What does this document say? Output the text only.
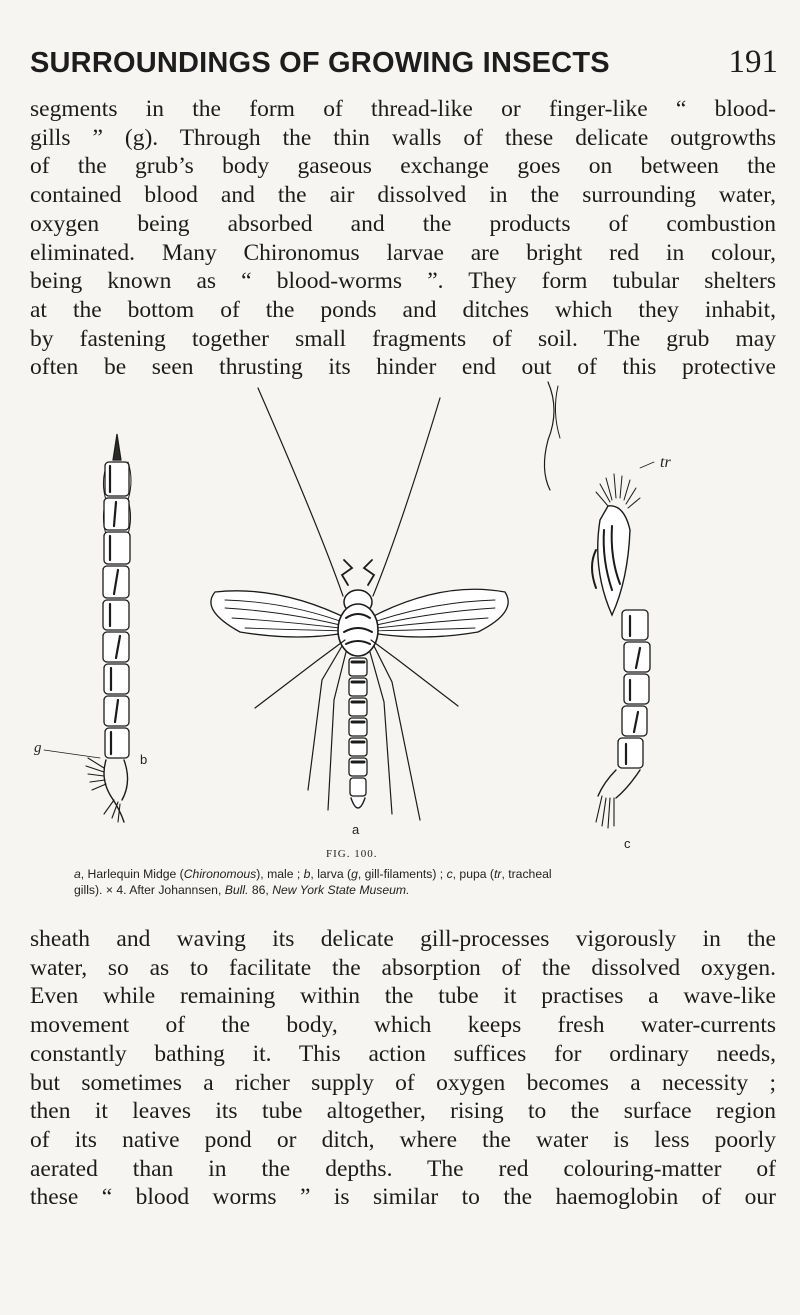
SURROUNDINGS OF GROWING INSECTS	191
segments in the form of thread-like or finger-like “ blood-
gills ” (g). Through the thin walls of these delicate outgrowths
of the grub’s body gaseous exchange goes on between the
contained blood and the air dissolved in the surrounding water,
oxygen being absorbed and the products of combustion
eliminated. Many Chironomus larvae are bright red in colour,
being known as “ blood-worms ”. They form tubular shelters
at the bottom of the ponds and ditches which they inhabit,
by fastening together small fragments of soil. The grub may
often be seen thrusting its hinder end out of this protective
g
b
a
tr
c
FIG. 100.

a, Harlequin Midge (Chironomous), male ; b, larva (g, gill-filaments) ; c, pupa (tr, tracheal
gills). × 4. After Johannsen, Bull. 86, New York State Museum.

sheath and waving its delicate gill-processes vigorously in the
water, so as to facilitate the absorption of the dissolved oxygen.
Even while remaining within the tube it practises a wave-like
movement of the body, which keeps fresh water-currents
constantly bathing it. This action suffices for ordinary needs,
but sometimes a richer supply of oxygen becomes a necessity ;
then it leaves its tube altogether, rising to the surface region
of its native pond or ditch, where the water is less poorly
aerated than in the depths. The red colouring-matter of
these “ blood worms ” is similar to the haemoglobin of our
